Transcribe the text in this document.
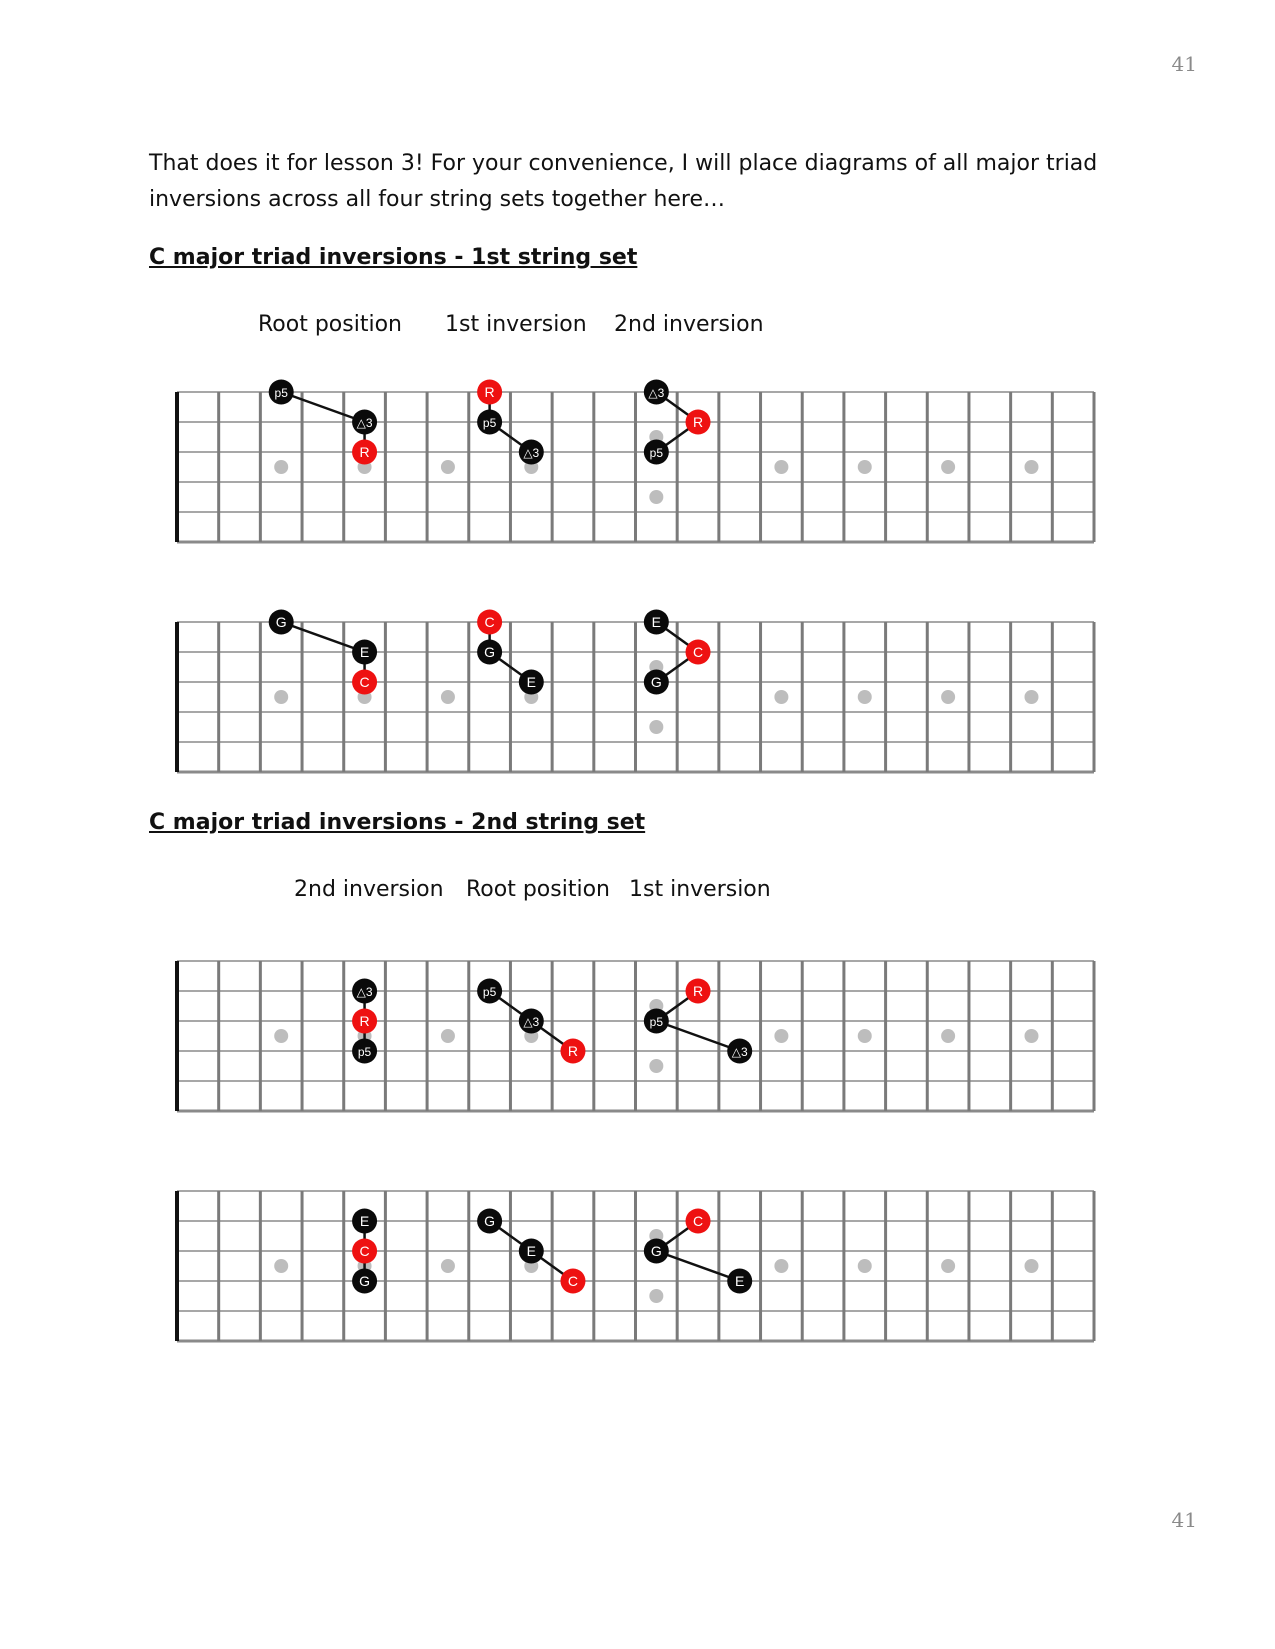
41

That does it for lesson 3! For your convenience, I will place diagrams of all major triad inversions across all four string sets together here…

C major triad inversions - 1st string set
Root position 1st inversion 2nd inversion
C major triad inversions - 2nd string set
2nd inversion Root position 1st inversion
p5
△3
R
R
p5
△3
△3
R
p5
G
E
C
C
G
E
E
C
G
△3
R
p5
p5
△3
R
R
p5
△3
E
C
G
G
E
C
C
G
E
41
